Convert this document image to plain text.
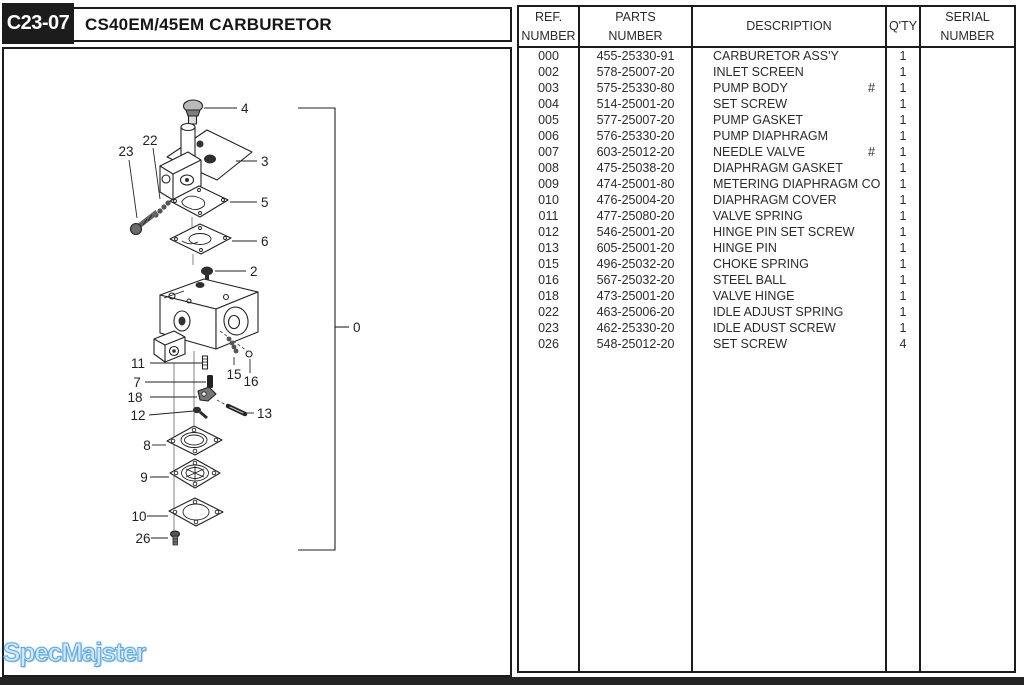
C23-07 CS40EM/45EM CARBURETOR
4
3
22
23
5
6
2
0
11
7
18
12
15 16
13
8
9
10
26
SpecMajster
REF.
NUMBER
PARTS
NUMBER
DESCRIPTION	Q'TY
SERIAL
NUMBER
000	455-25330-91	CARBURETOR ASS'Y	1
002	578-25007-20	INLET SCREEN	1
003	575-25330-80	PUMP BODY	#	1
004	514-25001-20	SET SCREW	1
005	577-25007-20	PUMP GASKET	1
006	576-25330-20	PUMP DIAPHRAGM	1
007	603-25012-20	NEEDLE VALVE	#	1
008	475-25038-20	DIAPHRAGM GASKET	1
009	474-25001-80	METERING DIAPHRAGM CO	1
010	476-25004-20	DIAPHRAGM COVER	1
011	477-25080-20	VALVE SPRING	1
012	546-25001-20	HINGE PIN SET SCREW	1
013	605-25001-20	HINGE PIN	1
015	496-25032-20	CHOKE SPRING	1
016	567-25032-20	STEEL BALL	1
018	473-25001-20	VALVE HINGE	1
022	463-25006-20	IDLE ADJUST SPRING	1
023	462-25330-20	IDLE ADUST SCREW	1
026	548-25012-20	SET SCREW	4
